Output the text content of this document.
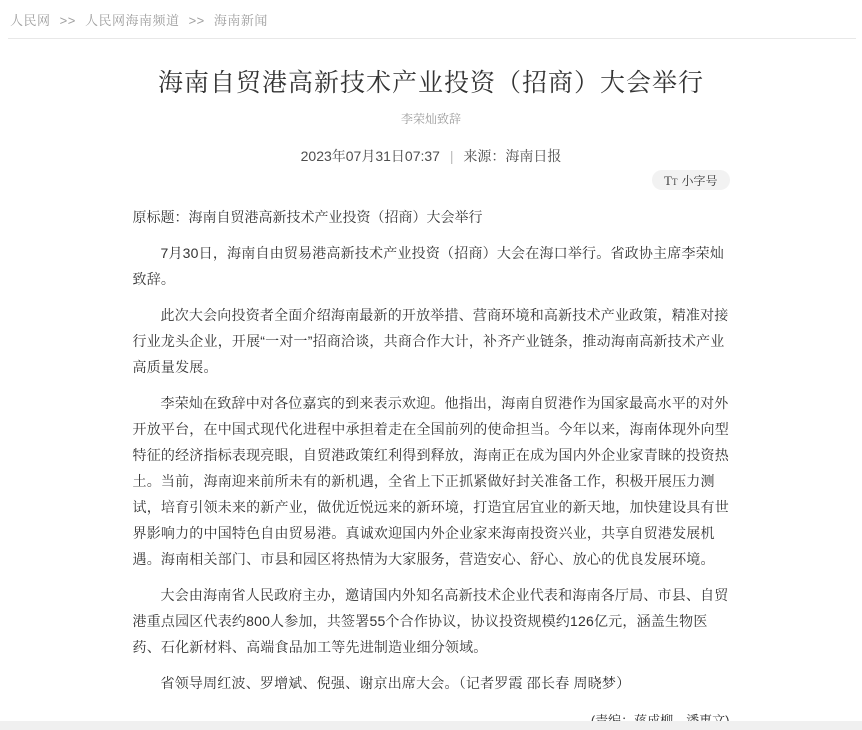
人民网 >> 人民网海南频道 >> 海南新闻
海南自贸港高新技术产业投资（招商）大会举行
李荣灿致辞
2023年07月31日07:37 | 来源：海南日报
T T 小字号

原标题：海南自贸港高新技术产业投资（招商）大会举行

7月30日，海南自由贸易港高新技术产业投资（招商）大会在海口举行。省政协主席李荣灿致辞。

此次大会向投资者全面介绍海南最新的开放举措、营商环境和高新技术产业政策，精准对接行业龙头企业，开展“一对一”招商洽谈，共商合作大计，补齐产业链条，推动海南高新技术产业高质量发展。

李荣灿在致辞中对各位嘉宾的到来表示欢迎。他指出，海南自贸港作为国家最高水平的对外开放平台，在中国式现代化进程中承担着走在全国前列的使命担当。今年以来，海南体现外向型特征的经济指标表现亮眼，自贸港政策红利得到释放，海南正在成为国内外企业家青睐的投资热土。当前，海南迎来前所未有的新机遇，全省上下正抓紧做好封关准备工作，积极开展压力测试，培育引领未来的新产业，做优近悦远来的新环境，打造宜居宜业的新天地，加快建设具有世界影响力的中国特色自由贸易港。真诚欢迎国内外企业家来海南投资兴业，共享自贸港发展机遇。海南相关部门、市县和园区将热情为大家服务，营造安心、舒心、放心的优良发展环境。

大会由海南省人民政府主办，邀请国内外知名高新技术企业代表和海南各厅局、市县、自贸港重点园区代表约800人参加，共签署55个合作协议，协议投资规模约126亿元，涵盖生物医药、石化新材料、高端食品加工等先进制造业细分领域。

省领导周红波、罗增斌、倪强、谢京出席大会。（记者罗霞 邵长春 周晓梦）
